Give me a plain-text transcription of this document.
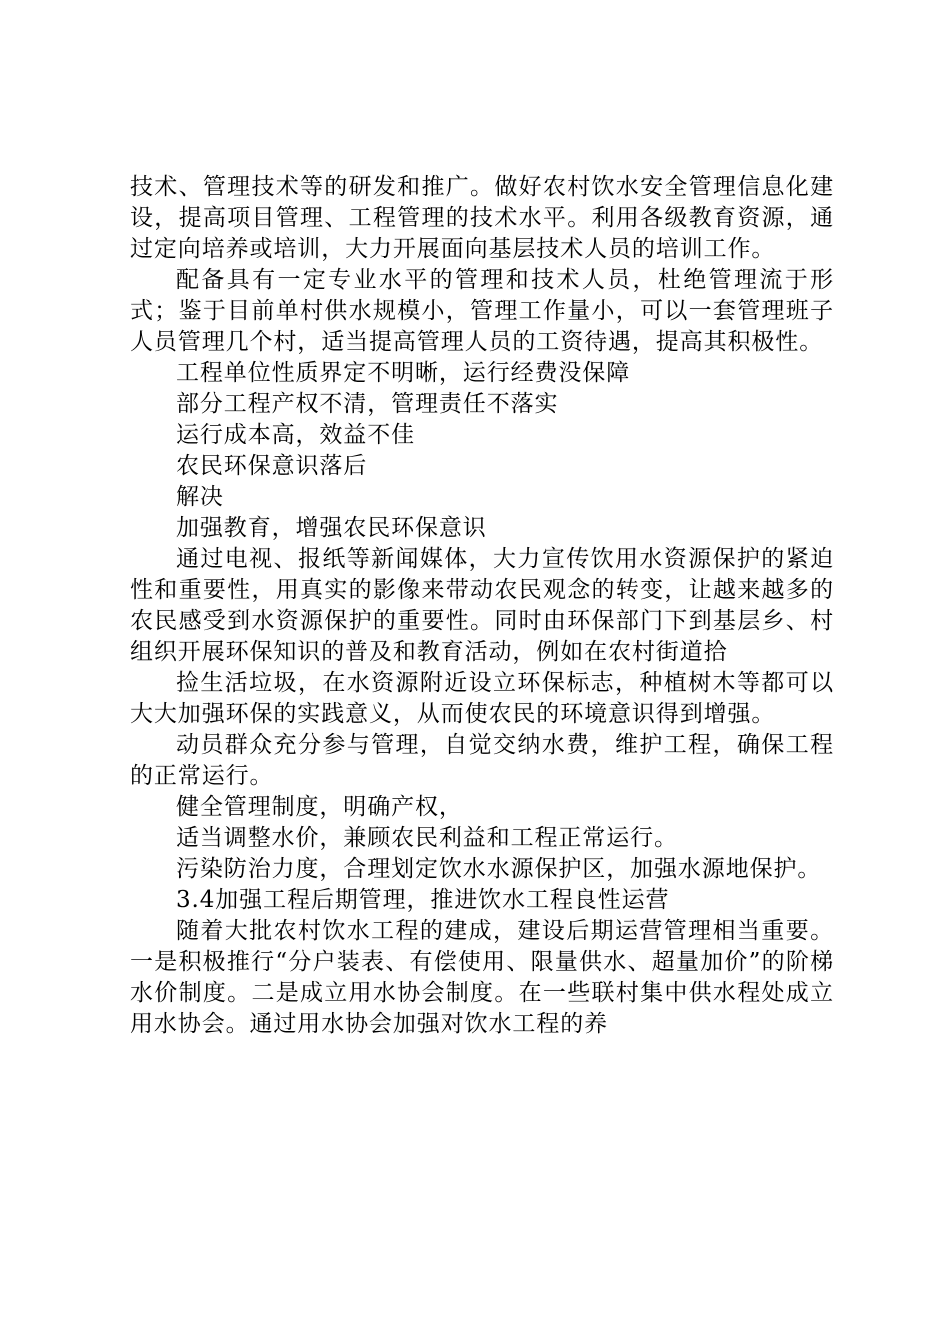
技术、管理技术等的研发和推广。做好农村饮水安全管理信息化建设，提高项目管理、工程管理的技术水平。利用各级教育资源，通过定向培养或培训，大力开展面向基层技术人员的培训工作。

配备具有一定专业水平的管理和技术人员，杜绝管理流于形式；鉴于目前单村供水规模小，管理工作量小，可以一套管理班子人员管理几个村，适当提高管理人员的工资待遇，提高其积极性。

工程单位性质界定不明晰，运行经费没保障

部分工程产权不清，管理责任不落实

运行成本高，效益不佳

农民环保意识落后

解决

加强教育，增强农民环保意识

通过电视、报纸等新闻媒体，大力宣传饮用水资源保护的紧迫性和重要性，用真实的影像来带动农民观念的转变，让越来越多的农民感受到水资源保护的重要性。同时由环保部门下到基层乡、村组织开展环保知识的普及和教育活动，例如在农村街道拾

捡生活垃圾，在水资源附近设立环保标志，种植树木等都可以大大加强环保的实践意义，从而使农民的环境意识得到增强。

动员群众充分参与管理，自觉交纳水费，维护工程，确保工程的正常运行。

健全管理制度，明确产权，

适当调整水价，兼顾农民利益和工程正常运行。

污染防治力度，合理划定饮水水源保护区，加强水源地保护。

3.4加强工程后期管理，推进饮水工程良性运营

随着大批农村饮水工程的建成，建设后期运营管理相当重要。一是积极推行“分户装表、有偿使用、限量供水、超量加价”的阶梯水价制度。二是成立用水协会制度。在一些联村集中供水程处成立用水协会。通过用水协会加强对饮水工程的养
